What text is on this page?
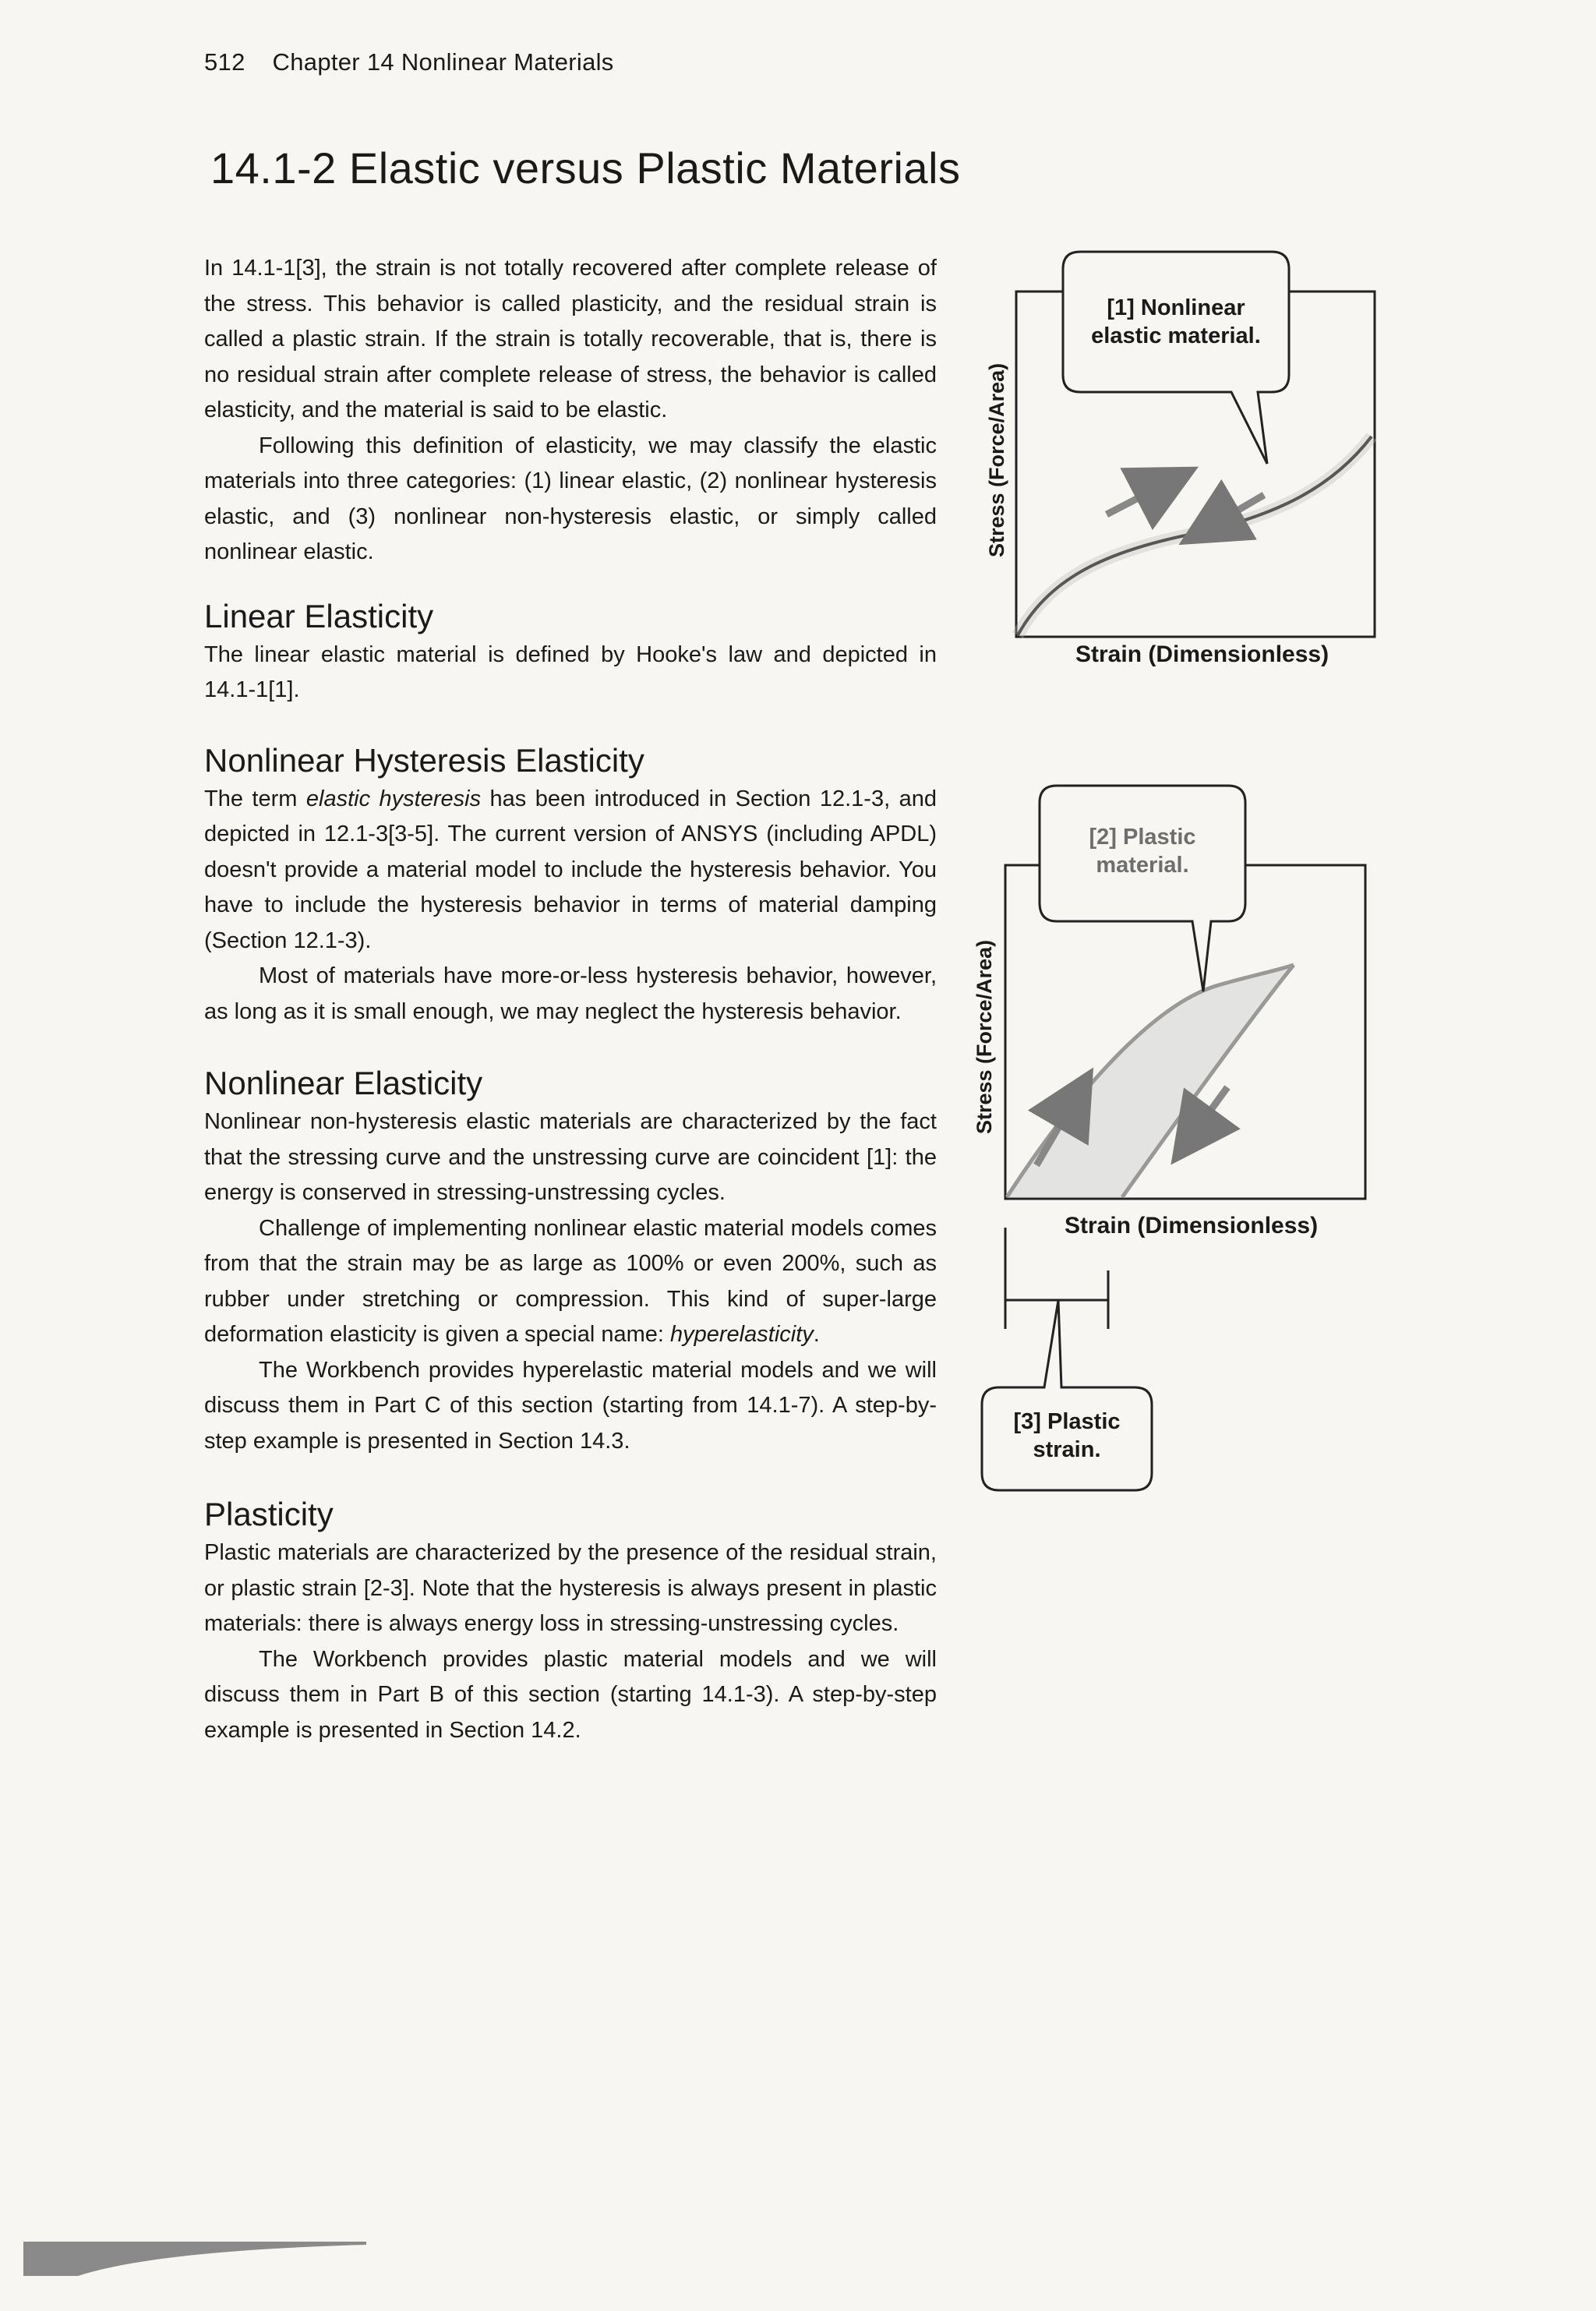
512 Chapter 14 Nonlinear Materials
14.1-2 Elastic versus Plastic Materials

In 14.1-1[3], the strain is not totally recovered after complete release of the stress. This behavior is called plasticity, and the residual strain is called a plastic strain. If the strain is totally recoverable, that is, there is no residual strain after complete release of stress, the behavior is called elasticity, and the material is said to be elastic.

Following this definition of elasticity, we may classify the elastic materials into three categories: (1) linear elastic, (2) nonlinear hysteresis elastic, and (3) nonlinear non-hysteresis elastic, or simply called nonlinear elastic.

Linear Elasticity

The linear elastic material is defined by Hooke's law and depicted in 14.1-1[1].

Nonlinear Hysteresis Elasticity

The term elastic hysteresis has been introduced in Section 12.1-3, and depicted in 12.1-3[3-5]. The current version of ANSYS (including APDL) doesn't provide a material model to include the hysteresis behavior. You have to include the hysteresis behavior in terms of material damping (Section 12.1-3).

Most of materials have more-or-less hysteresis behavior, however, as long as it is small enough, we may neglect the hysteresis behavior.

Nonlinear Elasticity

Nonlinear non-hysteresis elastic materials are characterized by the fact that the stressing curve and the unstressing curve are coincident [1]: the energy is conserved in stressing-unstressing cycles.

Challenge of implementing nonlinear elastic material models comes from that the strain may be as large as 100% or even 200%, such as rubber under stretching or compression. This kind of super-large deformation elasticity is given a special name: hyperelasticity.

The Workbench provides hyperelastic material models and we will discuss them in Part C of this section (starting from 14.1-7). A step-by-step example is presented in Section 14.3.

Plasticity

Plastic materials are characterized by the presence of the residual strain, or plastic strain [2-3]. Note that the hysteresis is always present in plastic materials: there is always energy loss in stressing-unstressing cycles.

The Workbench provides plastic material models and we will discuss them in Part B of this section (starting 14.1-3). A step-by-step example is presented in Section 14.2.

[1] Nonlinear
elastic material.
Stress (Force/Area)
Strain (Dimensionless)
[2] Plastic
material.
Stress (Force/Area)
Strain (Dimensionless)
[3] Plastic
strain.
